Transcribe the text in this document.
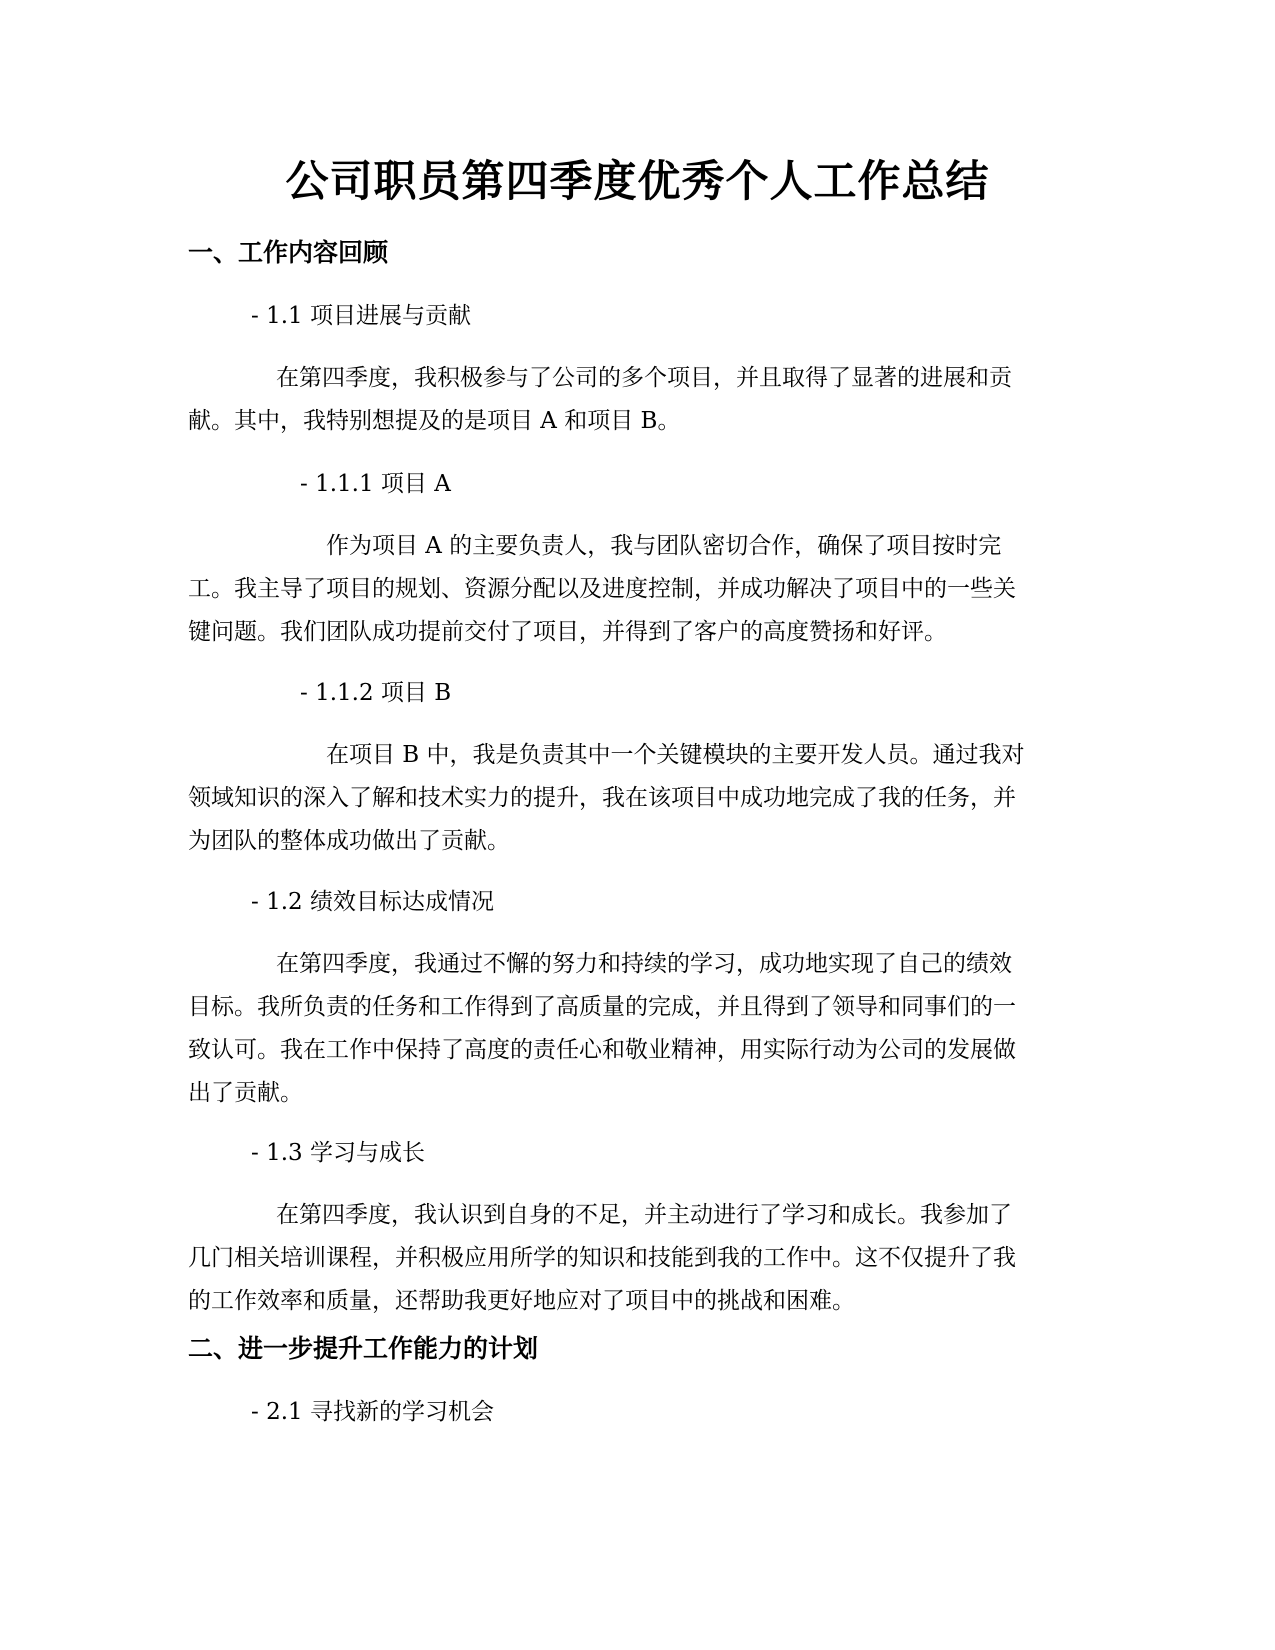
公司职员第四季度优秀个人工作总结
一、工作内容回顾
- 1.1 项目进展与贡献
在第四季度，我积极参与了公司的多个项目，并且取得了显著的进展和贡
献。其中，我特别想提及的是项目 A 和项目 B。
- 1.1.1 项目 A
作为项目 A 的主要负责人，我与团队密切合作，确保了项目按时完
工。我主导了项目的规划、资源分配以及进度控制，并成功解决了项目中的一些关
键问题。我们团队成功提前交付了项目，并得到了客户的高度赞扬和好评。
- 1.1.2 项目 B
在项目 B 中，我是负责其中一个关键模块的主要开发人员。通过我对
领域知识的深入了解和技术实力的提升，我在该项目中成功地完成了我的任务，并
为团队的整体成功做出了贡献。
- 1.2 绩效目标达成情况
在第四季度，我通过不懈的努力和持续的学习，成功地实现了自己的绩效
目标。我所负责的任务和工作得到了高质量的完成，并且得到了领导和同事们的一
致认可。我在工作中保持了高度的责任心和敬业精神，用实际行动为公司的发展做
出了贡献。
- 1.3 学习与成长
在第四季度，我认识到自身的不足，并主动进行了学习和成长。我参加了
几门相关培训课程，并积极应用所学的知识和技能到我的工作中。这不仅提升了我
的工作效率和质量，还帮助我更好地应对了项目中的挑战和困难。
二、进一步提升工作能力的计划
- 2.1 寻找新的学习机会
